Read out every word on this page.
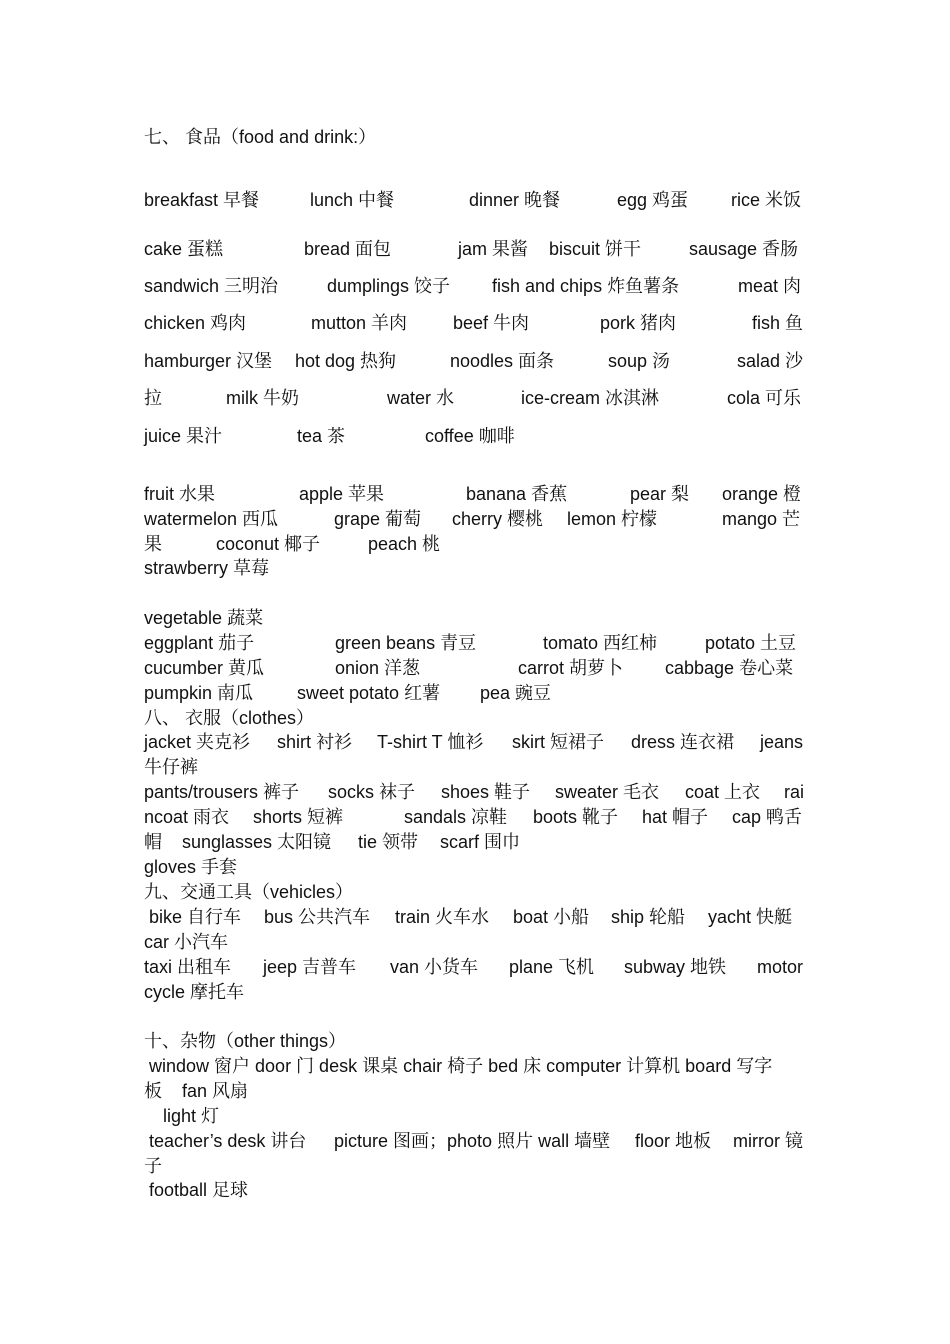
七、 食品（food and drink:）
breakfast 早餐	lunch 中餐	dinner 晚餐	egg 鸡蛋 rice 米饭
cake 蛋糕	bread 面包	jam 果酱 biscuit 饼干	sausage 香肠
sandwich 三明治	dumplings 饺子 fish and chips 炸鱼薯条	meat 肉
chicken 鸡肉	mutton 羊肉	beef 牛肉	pork 猪肉	fish 鱼
hamburger 汉堡 hot dog 热狗	noodles 面条	soup 汤	salad 沙
拉	milk 牛奶	water 水	ice-cream 冰淇淋	cola 可乐
juice 果汁	tea 茶	coffee 咖啡
fruit 水果	apple 苹果	banana 香蕉	pear 梨 orange 橙
watermelon 西瓜	grape 葡萄 cherry 樱桃 lemon 柠檬	mango 芒
果	coconut 椰子	peach 桃
strawberry 草莓
vegetable 蔬菜
eggplant 茄子	green beans 青豆	tomato 西红柿	potato 土豆
cucumber 黄瓜	onion 洋葱	carrot 胡萝卜 cabbage 卷心菜
pumpkin 南瓜 sweet potato 红薯 pea 豌豆
八、 衣服（clothes）
jacket 夹克衫 shirt 衬衫 T-shirt T 恤衫 skirt 短裙子 dress 连衣裙 jeans
牛仔裤
pants/trousers 裤子 socks 袜子 shoes 鞋子 sweater 毛衣 coat 上衣 rai
ncoat 雨衣 shorts 短裤	sandals 凉鞋 boots 靴子 hat 帽子 cap 鸭舌
帽 sunglasses 太阳镜 tie 领带 scarf 围巾
gloves 手套
九、交通工具（vehicles）
bike 自行车 bus 公共汽车 train 火车水 boat 小船 ship 轮船 yacht 快艇
car 小汽车
taxi 出租车 jeep 吉普车 van 小货车 plane 飞机 subway 地铁 motor
cycle 摩托车
十、杂物（other things）
window 窗户 door 门 desk 课桌 chair 椅子 bed 床 computer 计算机 board 写字
板 fan 风扇
light 灯
teacher’s desk 讲台 picture 图画；photo 照片 wall 墙壁 floor 地板 mirror 镜
子
football 足球
